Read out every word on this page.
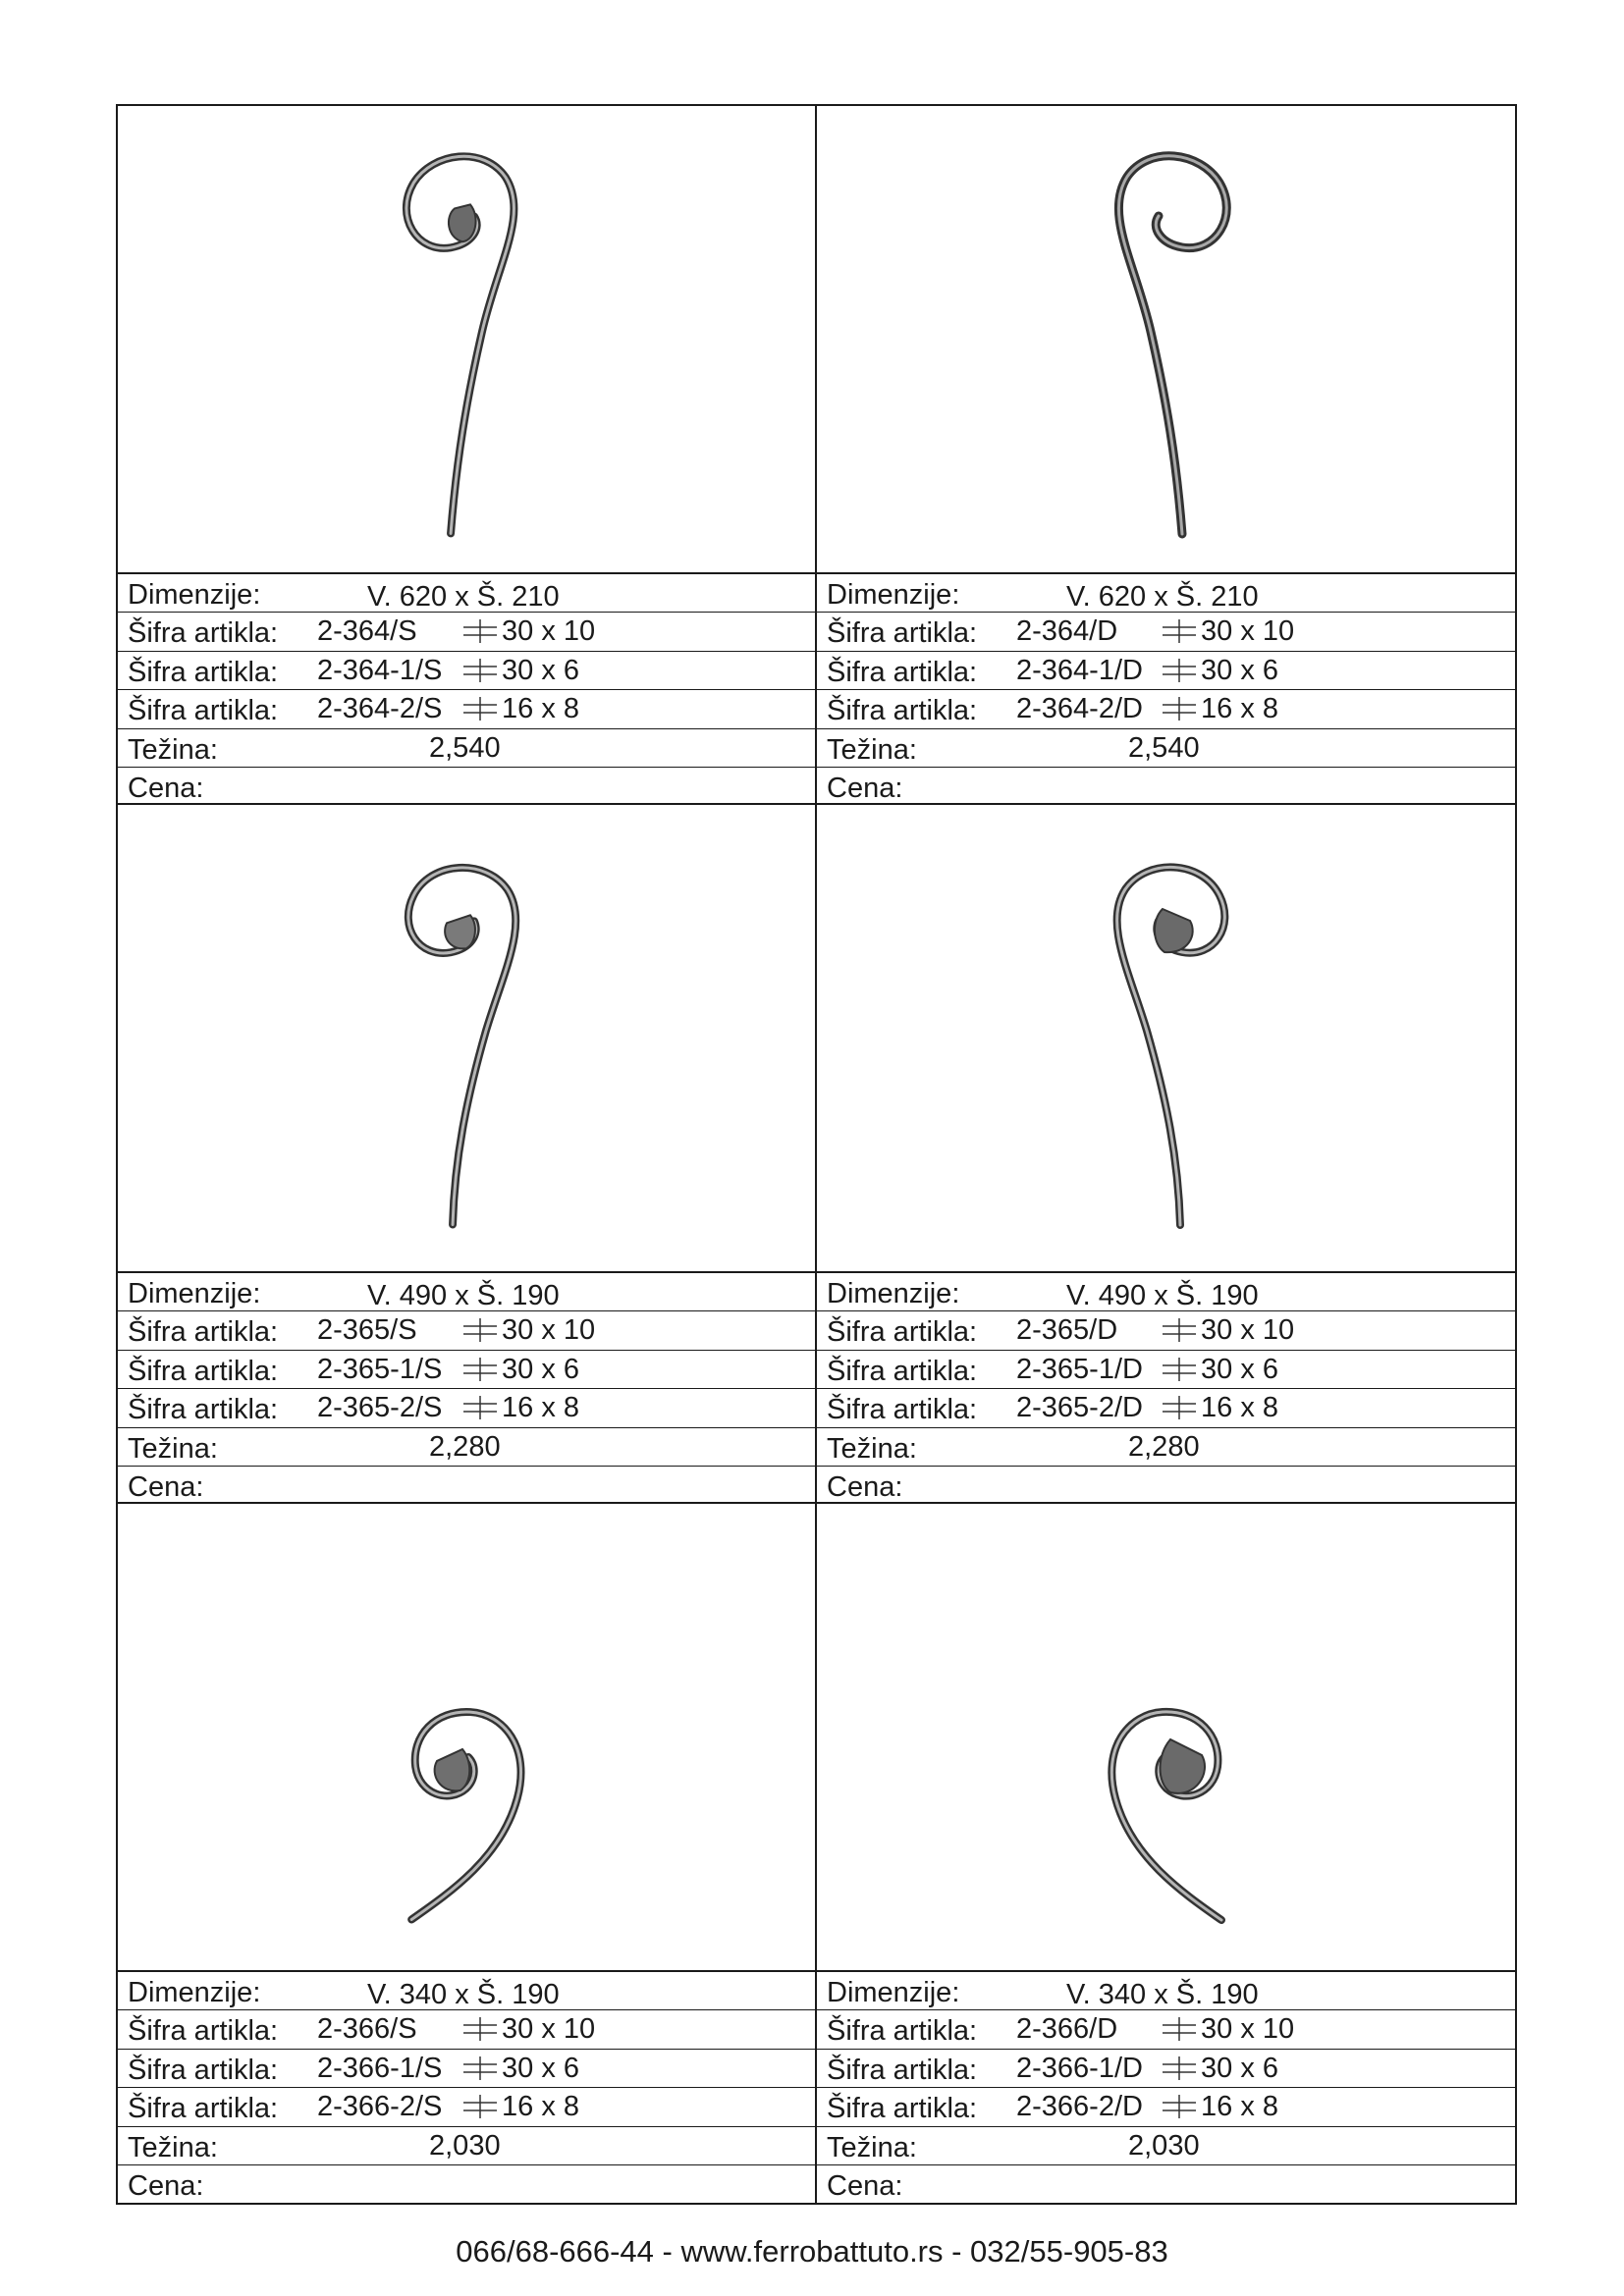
Dimenzije:	V. 620 x Š. 210
Šifra artikla: 2-364/S	30 x 10
Šifra artikla: 2-364-1/S 30 x 6
Šifra artikla: 2-364-2/S 16 x 8
Težina:	2,540
Cena:
Dimenzije:	V. 620 x Š. 210
Šifra artikla: 2-364/D	30 x 10
Šifra artikla: 2-364-1/D 30 x 6
Šifra artikla: 2-364-2/D 16 x 8
Težina:	2,540
Cena:
Dimenzije:	V. 490 x Š. 190
Šifra artikla: 2-365/S	30 x 10
Šifra artikla: 2-365-1/S 30 x 6
Šifra artikla: 2-365-2/S 16 x 8
Težina:	2,280
Cena:
Dimenzije:	V. 490 x Š. 190
Šifra artikla: 2-365/D	30 x 10
Šifra artikla: 2-365-1/D 30 x 6
Šifra artikla: 2-365-2/D 16 x 8
Težina:	2,280
Cena:
Dimenzije:	V. 340 x Š. 190
Šifra artikla: 2-366/S	30 x 10
Šifra artikla: 2-366-1/S 30 x 6
Šifra artikla: 2-366-2/S 16 x 8
Težina:	2,030
Cena:
Dimenzije:	V. 340 x Š. 190
Šifra artikla: 2-366/D	30 x 10
Šifra artikla: 2-366-1/D 30 x 6
Šifra artikla: 2-366-2/D 16 x 8
Težina:	2,030
Cena:
066/68-666-44 - www.ferrobattuto.rs - 032/55-905-83
